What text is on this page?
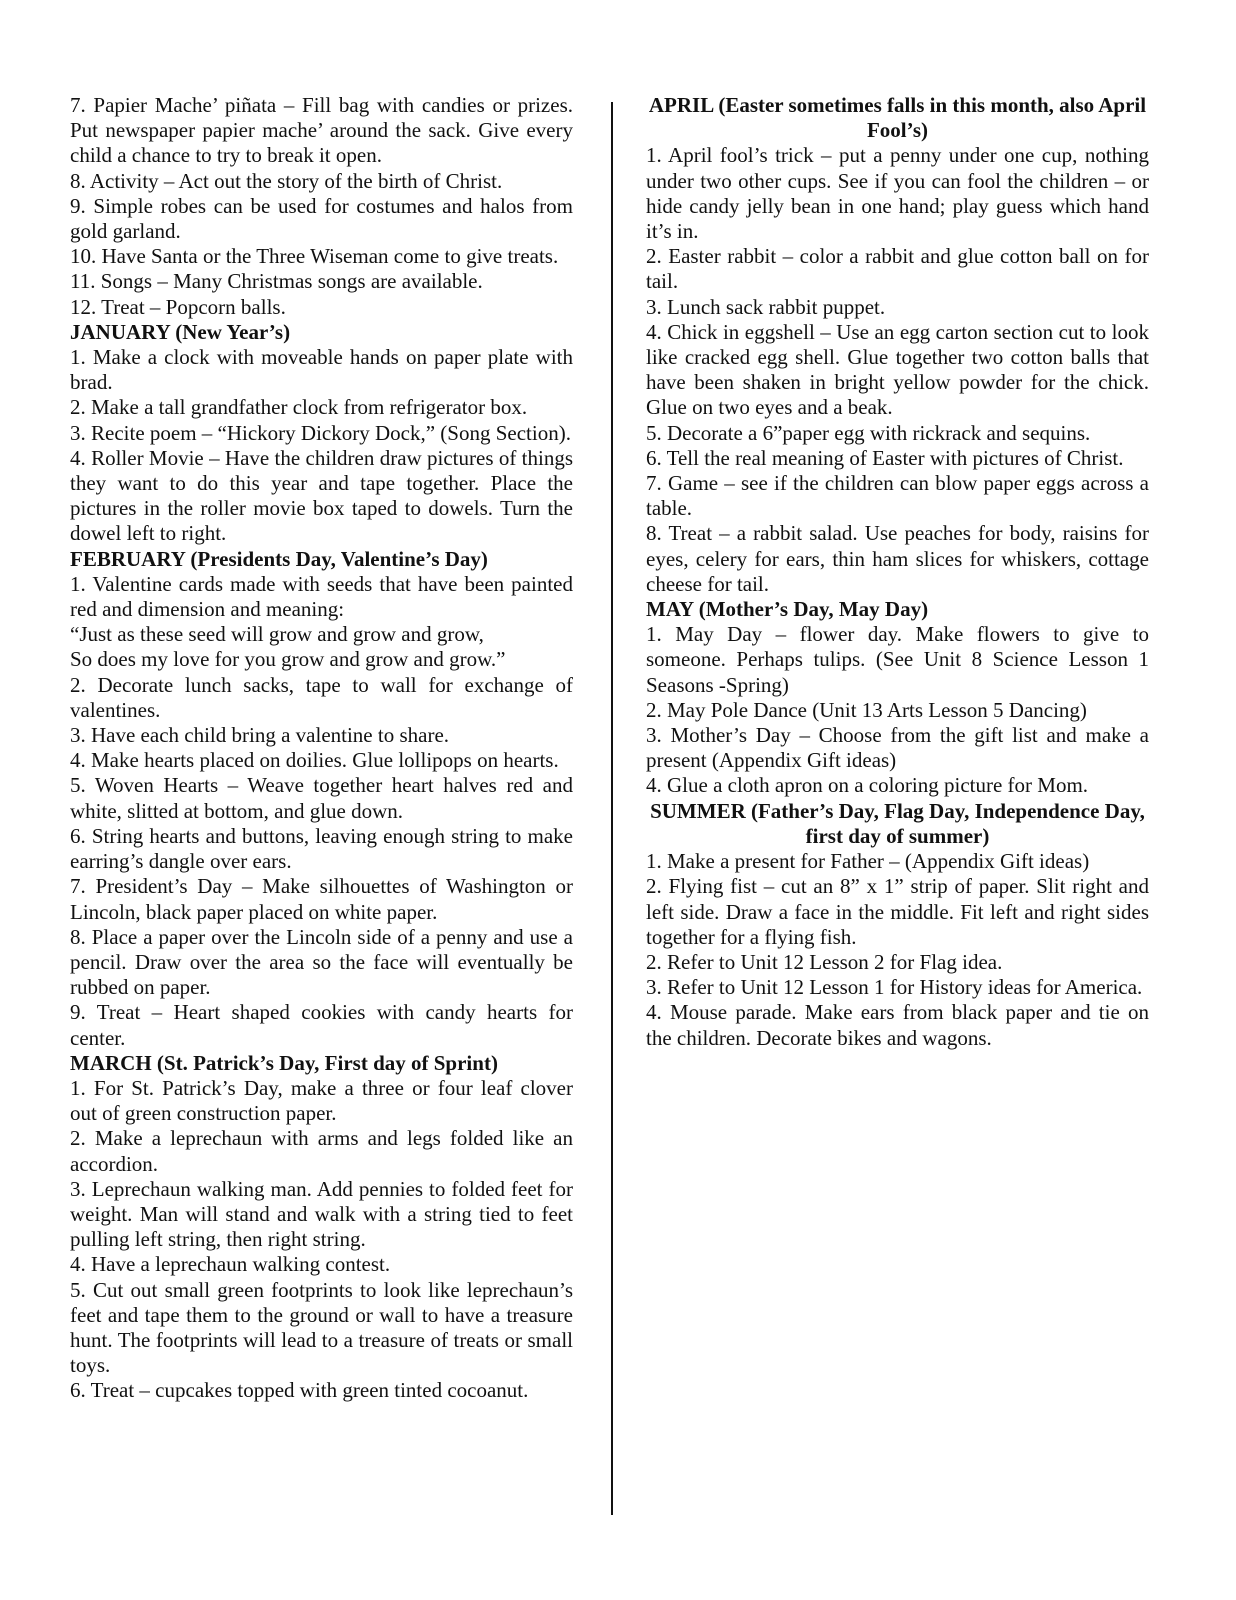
7. Papier Mache’ piñata – Fill bag with candies or prizes. Put newspaper papier mache’ around the sack. Give every child a chance to try to break it open.

8. Activity – Act out the story of the birth of Christ.

9. Simple robes can be used for costumes and halos from gold garland.

10. Have Santa or the Three Wiseman come to give treats.

11. Songs – Many Christmas songs are available.

12. Treat – Popcorn balls.

JANUARY (New Year’s)

1. Make a clock with moveable hands on paper plate with brad.

2. Make a tall grandfather clock from refrigerator box.

3. Recite poem – “Hickory Dickory Dock,” (Song Section).

4. Roller Movie – Have the children draw pictures of things they want to do this year and tape together. Place the pictures in the roller movie box taped to dowels. Turn the dowel left to right.

FEBRUARY (Presidents Day, Valentine’s Day)

1. Valentine cards made with seeds that have been painted red and dimension and meaning:

“Just as these seed will grow and grow and grow,

So does my love for you grow and grow and grow.”

2. Decorate lunch sacks, tape to wall for exchange of valentines.

3. Have each child bring a valentine to share.

4. Make hearts placed on doilies. Glue lollipops on hearts.

5. Woven Hearts – Weave together heart halves red and white, slitted at bottom, and glue down.

6. String hearts and buttons, leaving enough string to make earring’s dangle over ears.

7. President’s Day – Make silhouettes of Washington or Lincoln, black paper placed on white paper.

8. Place a paper over the Lincoln side of a penny and use a pencil. Draw over the area so the face will eventually be rubbed on paper.

9. Treat – Heart shaped cookies with candy hearts for center.

MARCH (St. Patrick’s Day, First day of Sprint)

1. For St. Patrick’s Day, make a three or four leaf clover out of green construction paper.

2. Make a leprechaun with arms and legs folded like an accordion.

3. Leprechaun walking man. Add pennies to folded feet for weight. Man will stand and walk with a string tied to feet pulling left string, then right string.

4. Have a leprechaun walking contest.

5. Cut out small green footprints to look like leprechaun’s feet and tape them to the ground or wall to have a treasure hunt. The footprints will lead to a treasure of treats or small toys.

6. Treat – cupcakes topped with green tinted cocoanut.

APRIL (Easter sometimes falls in this month, also April Fool’s)

1. April fool’s trick – put a penny under one cup, nothing under two other cups. See if you can fool the children – or hide candy jelly bean in one hand; play guess which hand it’s in.

2. Easter rabbit – color a rabbit and glue cotton ball on for tail.

3. Lunch sack rabbit puppet.

4. Chick in eggshell – Use an egg carton section cut to look like cracked egg shell. Glue together two cotton balls that have been shaken in bright yellow powder for the chick. Glue on two eyes and a beak.

5. Decorate a 6”paper egg with rickrack and sequins.

6. Tell the real meaning of Easter with pictures of Christ.

7. Game – see if the children can blow paper eggs across a table.

8. Treat – a rabbit salad. Use peaches for body, raisins for eyes, celery for ears, thin ham slices for whiskers, cottage cheese for tail.

MAY (Mother’s Day, May Day)

1. May Day – flower day. Make flowers to give to someone. Perhaps tulips. (See Unit 8 Science Lesson 1 Seasons -Spring)

2. May Pole Dance (Unit 13 Arts Lesson 5 Dancing)

3. Mother’s Day – Choose from the gift list and make a present (Appendix Gift ideas)

4. Glue a cloth apron on a coloring picture for Mom.

SUMMER (Father’s Day, Flag Day, Independence Day, first day of summer)

1. Make a present for Father – (Appendix Gift ideas)

2. Flying fist – cut an 8” x 1” strip of paper. Slit right and left side. Draw a face in the middle. Fit left and right sides together for a flying fish.

2. Refer to Unit 12 Lesson 2 for Flag idea.

3. Refer to Unit 12 Lesson 1 for History ideas for America.

4. Mouse parade. Make ears from black paper and tie on the children. Decorate bikes and wagons.
